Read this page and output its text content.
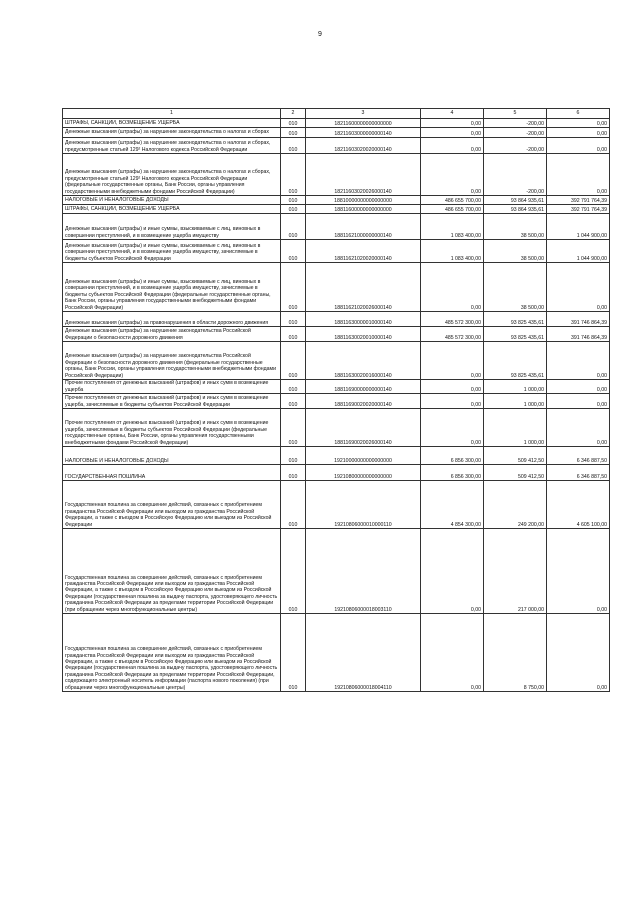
9
1	2	3	4	5	6
ШТРАФЫ, САНКЦИИ, ВОЗМЕЩЕНИЕ УЩЕРБА	010	18211600000000000000	0,00	-200,00	0,00
Денежные взыскания (штрафы) за нарушение законодательства о налогах и сборах	010	18211603000000000140	0,00	-200,00	0,00
Денежные взыскания (штрафы) за нарушение законодательства о налогах и сборах, предусмотренные статьей 129² Налогового кодекса Российской Федерации	010	18211603020020000140	0,00	-200,00	0,00
Денежные взыскания (штрафы) за нарушение законодательства о налогах и сборах, предусмотренные статьей 129² Налогового кодекса Российской Федерации (федеральные государственные органы, Банк России, органы управления государственными внебюджетными фондами Российской Федерации)	010	18211603020026000140	0,00	-200,00	0,00
НАЛОГОВЫЕ И НЕНАЛОГОВЫЕ ДОХОДЫ	010	18810000000000000000	486 655 700,00	93 864 935,61	392 791 764,39
ШТРАФЫ, САНКЦИИ, ВОЗМЕЩЕНИЕ УЩЕРБА	010	18811600000000000000	486 655 700,00	93 864 935,61	392 791 764,39
Денежные взыскания (штрафы) и иные суммы, взыскиваемые с лиц, виновных в совершении преступлений, и в возмещение ущерба имуществу	010	18811621000000000140	1 083 400,00	38 500,00	1 044 900,00
Денежные взыскания (штрафы) и иные суммы, взыскиваемые с лиц, виновных в совершении преступлений, и в возмещение ущерба имуществу, зачисляемые в бюджеты субъектов Российской Федерации	010	18811621020020000140	1 083 400,00	38 500,00	1 044 900,00
Денежные взыскания (штрафы) и иные суммы, взыскиваемые с лиц, виновных в совершении преступлений, и в возмещение ущерба имуществу, зачисляемые в бюджеты субъектов Российской Федерации (федеральные государственные органы, Банк России, органы управления государственными внебюджетными фондами Российской Федерации)	010	18811621020026000140	0,00	38 500,00	0,00
Денежные взыскания (штрафы) за правонарушения в области дорожного движения	010	18811630000010000140	485 572 300,00	93 825 435,61	391 746 864,39
Денежные взыскания (штрафы) за нарушение законодательства Российской Федерации о безопасности дорожного движения	010	18811630020010000140	485 572 300,00	93 825 435,61	391 746 864,39
Денежные взыскания (штрафы) за нарушение законодательства Российской Федерации о безопасности дорожного движения (федеральные государственные органы, Банк России, органы управления государственными внебюджетными фондами Российской Федерации)	010	18811630020016000140	0,00	93 825 435,61	0,00
Прочие поступления от денежных взысканий (штрафов) и иных сумм в возмещение ущерба	010	18811690000000000140	0,00	1 000,00	0,00
Прочие поступления от денежных взысканий (штрафов) и иных сумм в возмещение ущерба, зачисляемые в бюджеты субъектов Российской Федерации	010	18811690020020000140	0,00	1 000,00	0,00
Прочие поступления от денежных взысканий (штрафов) и иных сумм в возмещение ущерба, зачисляемые в бюджеты субъектов Российской Федерации (федеральные государственные органы, Банк России, органы управления государственными внебюджетными фондами Российской Федерации)	010	18811690020026000140	0,00	1 000,00	0,00
НАЛОГОВЫЕ И НЕНАЛОГОВЫЕ ДОХОДЫ	010	19210000000000000000	6 856 300,00	509 412,50	6 346 887,50
ГОСУДАРСТВЕННАЯ ПОШЛИНА	010	19210800000000000000	6 856 300,00	509 412,50	6 346 887,50
Государственная пошлина за совершение действий, связанных с приобретением гражданства Российской Федерации или выходом из гражданства Российской Федерации, а также с въездом в Российскую Федерацию или выездом из Российской Федерации	010	19210806000010000110	4 854 300,00	249 200,00	4 605 100,00
Государственная пошлина за совершение действий, связанных с приобретением гражданства Российской Федерации или выходом из гражданства Российской Федерации, а также с въездом в Российскую Федерацию или выездом из Российской Федерации (государственная пошлина за выдачу паспорта, удостоверяющего личность гражданина Российской Федерации за пределами территории Российской Федерации (при обращении через многофункциональные центры)	010	19210806000018003110	0,00	217 000,00	0,00
Государственная пошлина за совершение действий, связанных с приобретением гражданства Российской Федерации или выходом из гражданства Российской Федерации, а также с въездом в Российскую Федерацию или выездом из Российской Федерации (государственная пошлина за выдачу паспорта, удостоверяющего личность гражданина Российской Федерации за пределами территории Российской Федерации, содержащего электронный носитель информации (паспорта нового поколения) (при обращении через многофункциональные центры)	010	19210806000018004110	0,00	8 750,00	0,00
